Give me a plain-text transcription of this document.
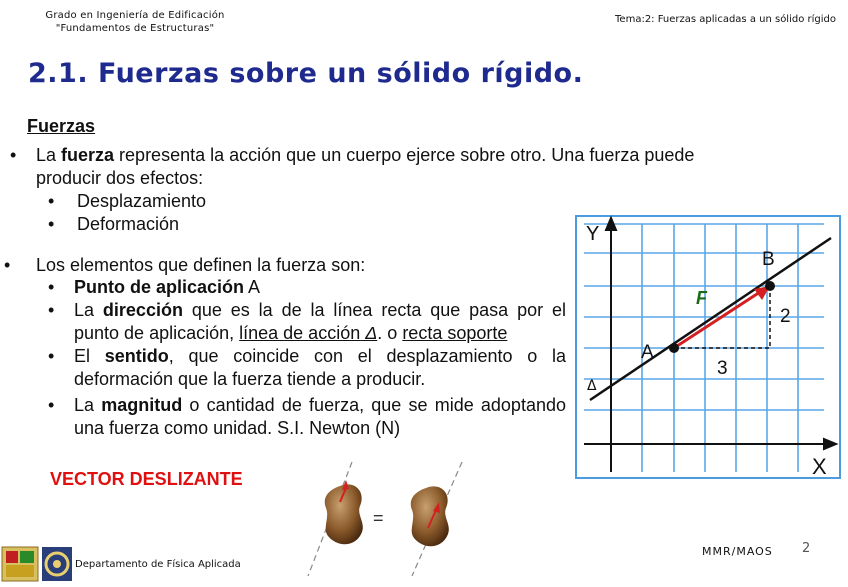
Grado en Ingeniería de Edificación
"Fundamentos de Estructuras"
Tema:2: Fuerzas aplicadas a un sólido rígido
2.1. Fuerzas sobre un sólido rígido.
Fuerzas
• La fuerza representa la acción que un cuerpo ejerce sobre otro. Una fuerza puede
producir dos efectos:
• Desplazamiento
• Deformación
• Los elementos que definen la fuerza son:
• Punto de aplicación A
• La dirección que es la de la línea recta que pasa por el punto de aplicación, línea de acción Δ. o recta soporte
• El sentido, que coincide con el desplazamiento o la deformación que la fuerza tiende a producir.
• La magnitud o cantidad de fuerza, que se mide adoptando una fuerza como unidad. S.I. Newton (N)
Y
X
A
B
F
3
2
Δ
VECTOR DESLIZANTE
=
Departamento de Física Aplicada
MMR/MAOS 2
